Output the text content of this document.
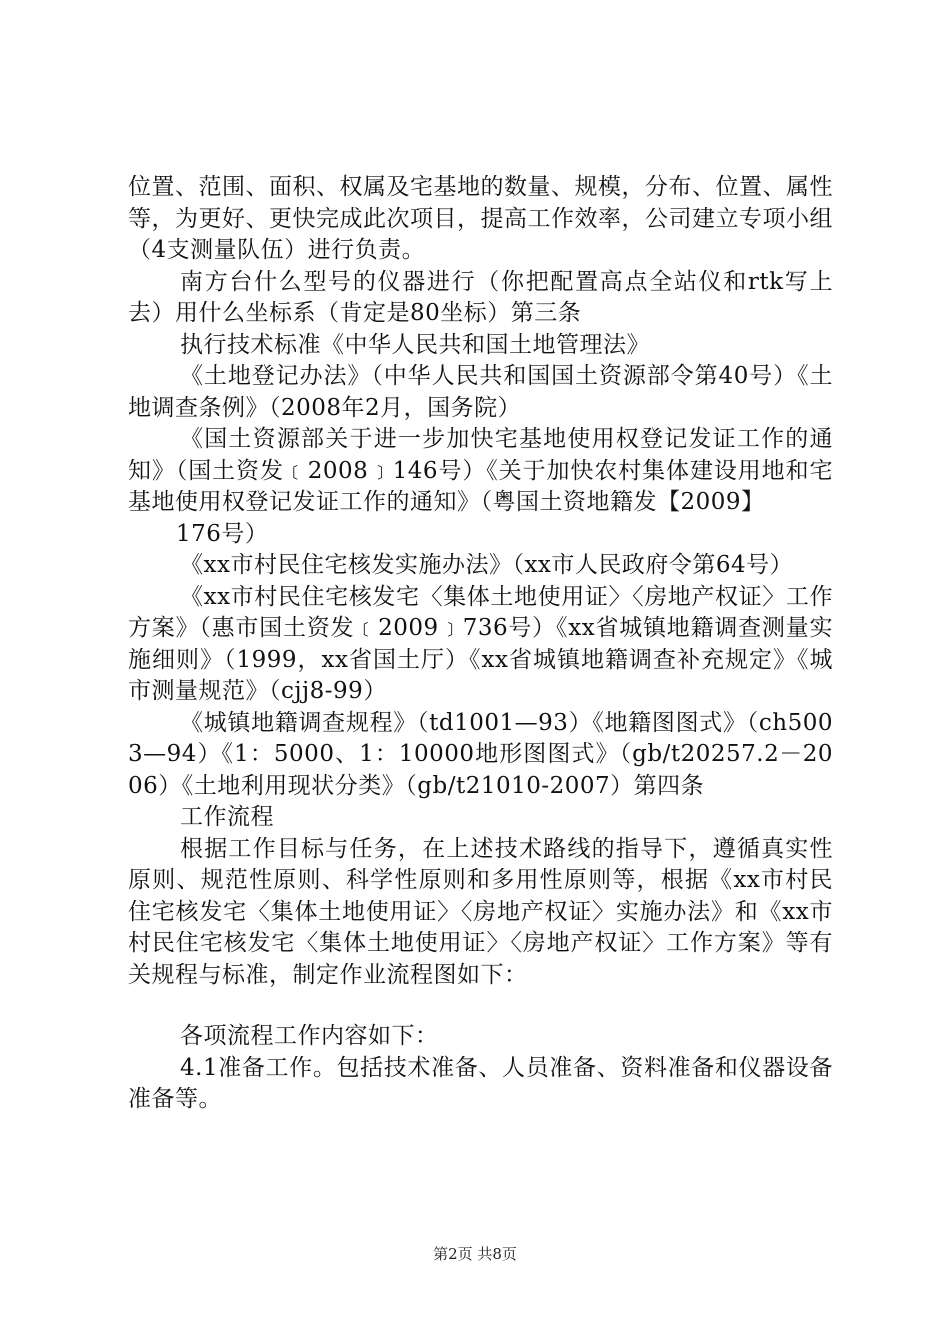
位置、范围、面积、权属及宅基地的数量、规模，分布、位置、属性等，为更好、更快完成此次项目，提高工作效率，公司建立专项小组（4支测量队伍）进行负责。

南方台什么型号的仪器进行（你把配置高点全站仪和rtk写上去）用什么坐标系（肯定是80坐标）第三条

执行技术标准《中华人民共和国土地管理法》

《土地登记办法》（中华人民共和国国土资源部令第40号）《土地调查条例》（2008年2月，国务院）

《国土资源部关于进一步加快宅基地使用权登记发证工作的通知》（国土资发﹝2008﹞146号）《关于加快农村集体建设用地和宅基地使用权登记发证工作的通知》（粤国土资地籍发【2009】

176号）

《xx市村民住宅核发实施办法》（xx市人民政府令第64号）

《xx市村民住宅核发宅〈集体土地使用证〉〈房地产权证〉工作方案》（惠市国土资发﹝2009﹞736号）《xx省城镇地籍调查测量实施细则》（1999，xx省国土厅）《xx省城镇地籍调查补充规定》《城市测量规范》（cjj8-99）

《城镇地籍调查规程》（td1001—93）《地籍图图式》（ch5003—94）《1：5000、1：10000地形图图式》（gb/t20257.2－2006）《土地利用现状分类》（gb/t21010-2007）第四条

工作流程

根据工作目标与任务，在上述技术路线的指导下，遵循真实性原则、规范性原则、科学性原则和多用性原则等，根据《xx市村民住宅核发宅〈集体土地使用证〉〈房地产权证〉实施办法》和《xx市村民住宅核发宅〈集体土地使用证〉〈房地产权证〉工作方案》等有关规程与标准，制定作业流程图如下：

各项流程工作内容如下：

4.1准备工作。包括技术准备、人员准备、资料准备和仪器设备准备等。

第2页 共8页
